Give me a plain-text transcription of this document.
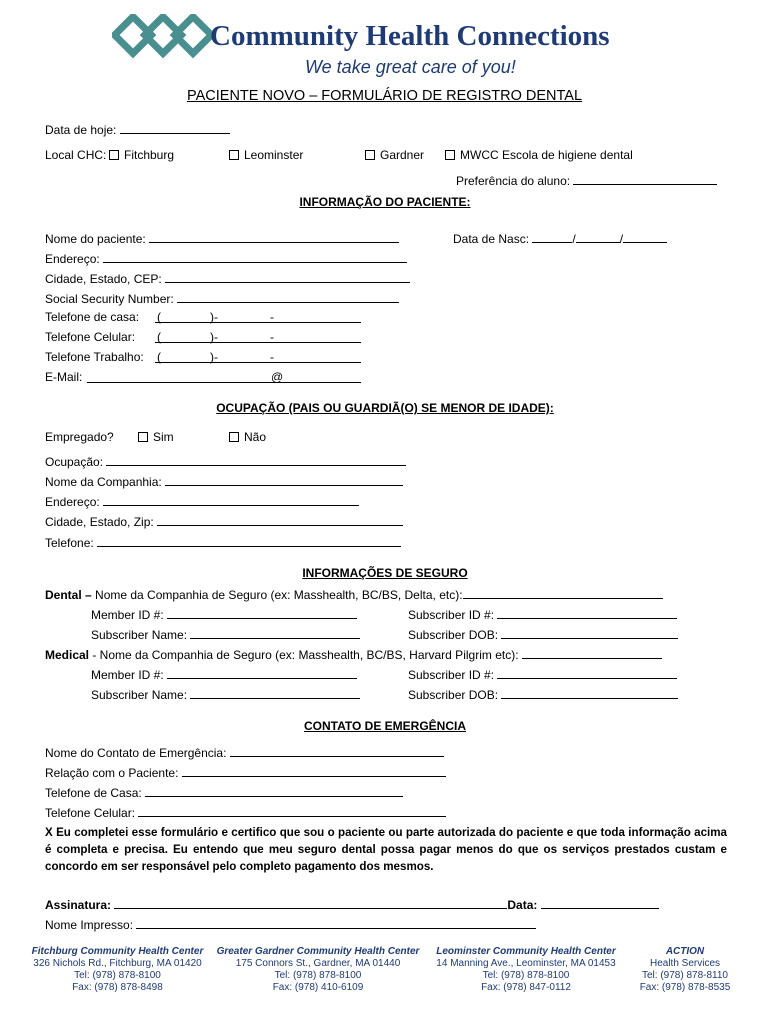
Community Health Connections
We take great care of you!
PACIENTE NOVO – FORMULÁRIO DE REGISTRO DENTAL
Data de hoje:
Local CHC:	Fitchburg	Leominster	Gardner	MWCC Escola de higiene dental
Preferência do aluno:
INFORMAÇÃO DO PACIENTE:
Nome do paciente:	Data de Nasc:	/	/
Endereço:
Cidade, Estado, CEP:
Social Security Number:
Telefone de casa: (	)-	-
Telefone Celular: (	)-	-
Telefone Trabalho: (	)-	-
E-Mail:	@
OCUPAÇÃO (PAIS OU GUARDIÃ(O) SE MENOR DE IDADE):
Empregado?	Sim	Não
Ocupação:
Nome da Companhia:
Endereço:
Cidade, Estado, Zip:
Telefone:
INFORMAÇÕES DE SEGURO
Dental – Nome da Companhia de Seguro (ex: Masshealth, BC/BS, Delta, etc):
Member ID #:	Subscriber ID #:
Subscriber Name:	Subscriber DOB:
Medical - Nome da Companhia de Seguro (ex: Masshealth, BC/BS, Harvard Pilgrim etc):
Member ID #:	Subscriber ID #:
Subscriber Name:	Subscriber DOB:
CONTATO DE EMERGÊNCIA
Nome do Contato de Emergência:
Relação com o Paciente:
Telefone de Casa:
Telefone Celular:
X Eu completei esse formulário e certifico que sou o paciente ou parte autorizada do paciente e que toda informação acima é completa e precisa. Eu entendo que meu seguro dental possa pagar menos do que os serviços prestados custam e concordo em ser responsável pelo completo pagamento dos mesmos.
Assinatura:	Data:
Nome Impresso:
Fitchburg Community Health Center
326 Nichols Rd., Fitchburg, MA 01420
Tel: (978) 878-8100
Fax: (978) 878-8498
Greater Gardner Community Health Center
175 Connors St., Gardner, MA 01440
Tel: (978) 878-8100
Fax: (978) 410-6109
Leominster Community Health Center
14 Manning Ave., Leominster, MA 01453
Tel: (978) 878-8100
Fax: (978) 847-0112
ACTION
Health Services
Tel: (978) 878-8110
Fax: (978) 878-8535
